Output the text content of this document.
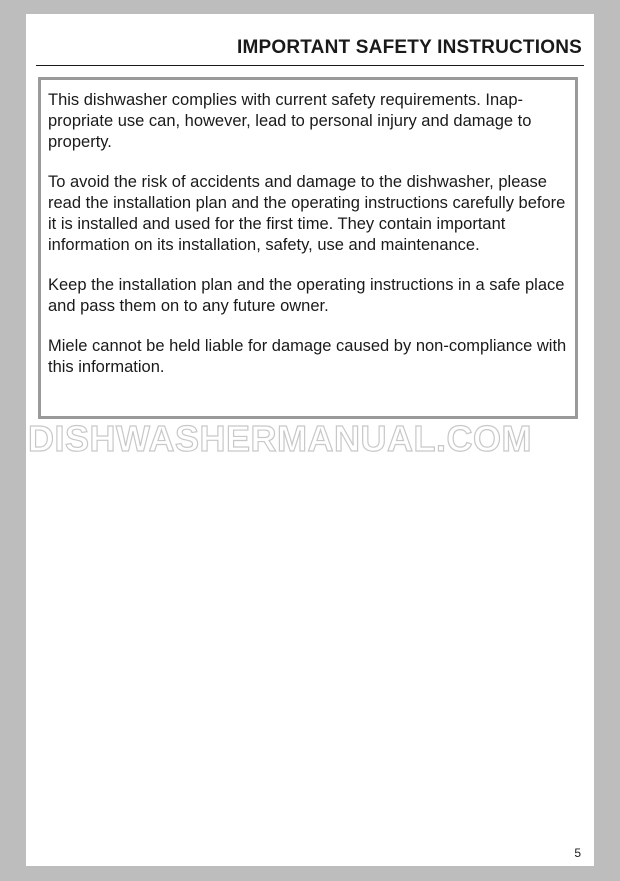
IMPORTANT SAFETY INSTRUCTIONS

This dishwasher complies with current safety requirements. Inappropriate use can, however, lead to personal injury and damage to property.

To avoid the risk of accidents and damage to the dishwasher, please read the installation plan and the operating instructions carefully before it is installed and used for the first time. They contain important information on its installation, safety, use and maintenance.

Keep the installation plan and the operating instructions in a safe place and pass them on to any future owner.

Miele cannot be held liable for damage caused by non-compliance with this information.

5
DISHWASHERMANUAL.COM
